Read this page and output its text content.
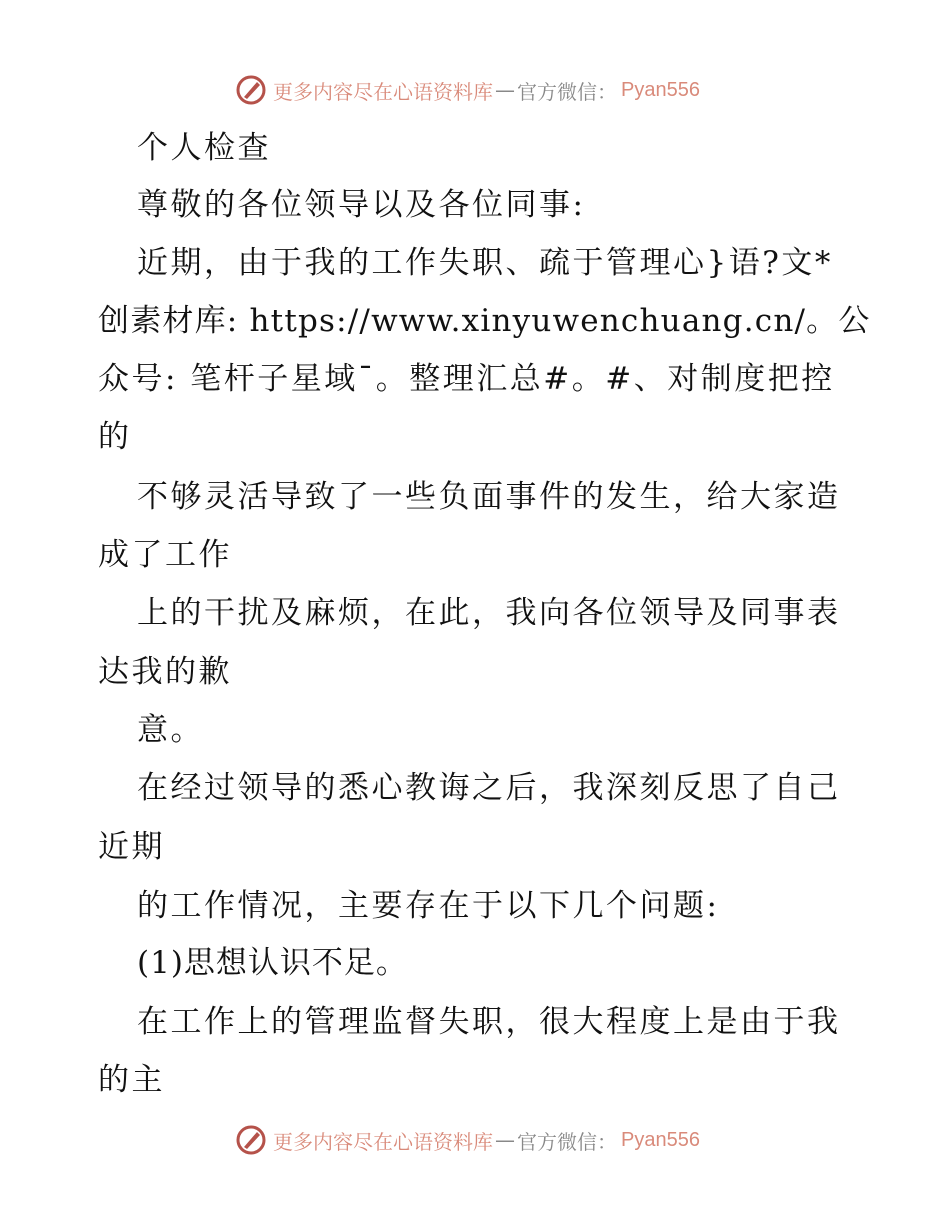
更多内容尽在心语资料库 — 官方微信： Pyan556
个人检查
尊敬的各位领导以及各位同事:
近期，由于我的工作失职、疏于管理心}语?文*
创素材库: https://www.xinyuwenchuang.cn/。公
众号: 笔杆子星域¯。整理汇总#。#、对制度把控
的
不够灵活导致了一些负面事件的发生，给大家造
成了工作
上的干扰及麻烦，在此，我向各位领导及同事表
达我的歉
意。
在经过领导的悉心教诲之后，我深刻反思了自己
近期
的工作情况，主要存在于以下几个问题:
(1)思想认识不足。
在工作上的管理监督失职，很大程度上是由于我
的主
更多内容尽在心语资料库 — 官方微信： Pyan556
